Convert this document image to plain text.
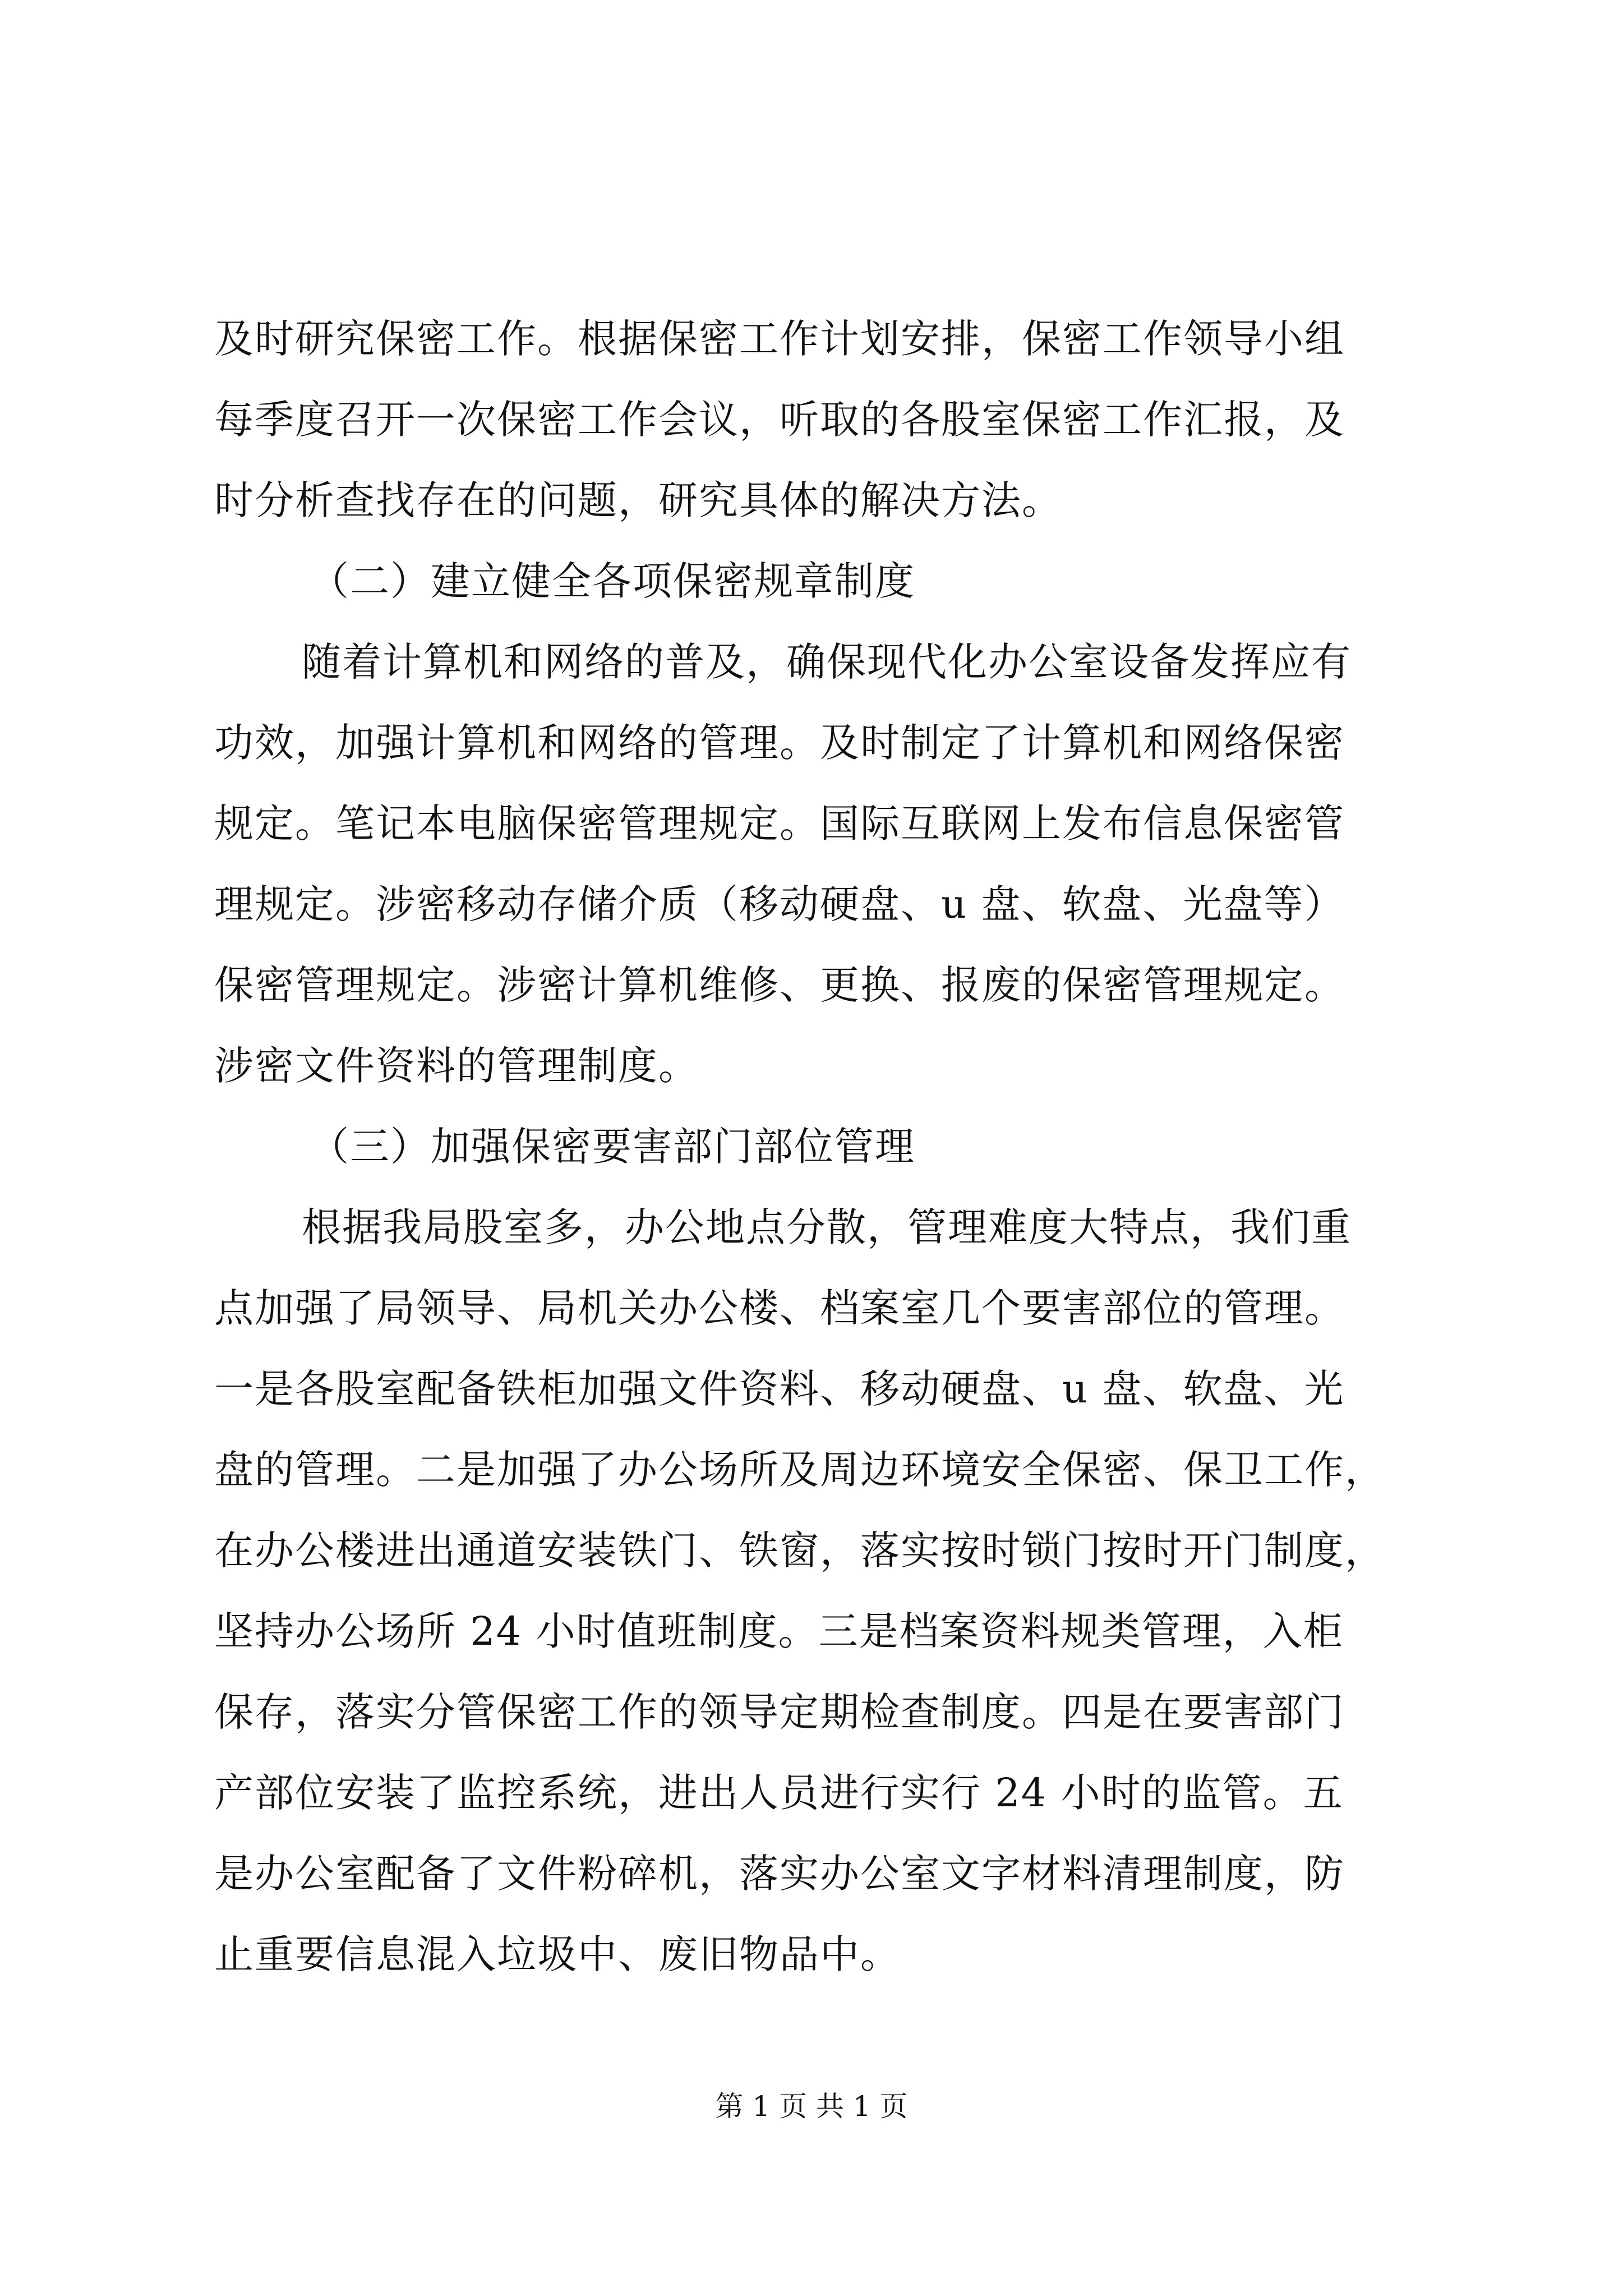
及时研究保密工作。根据保密工作计划安排，保密工作领导小组
每季度召开一次保密工作会议，听取的各股室保密工作汇报，及
时分析查找存在的问题，研究具体的解决方法。
（二）建立健全各项保密规章制度
随着计算机和网络的普及，确保现代化办公室设备发挥应有
功效，加强计算机和网络的管理。及时制定了计算机和网络保密
规定。笔记本电脑保密管理规定。国际互联网上发布信息保密管
理规定。涉密移动存储介质（移动硬盘、u 盘、软盘、光盘等）
保密管理规定。涉密计算机维修、更换、报废的保密管理规定。
涉密文件资料的管理制度。
（三）加强保密要害部门部位管理
根据我局股室多，办公地点分散，管理难度大特点，我们重
点加强了局领导、局机关办公楼、档案室几个要害部位的管理。
一是各股室配备铁柜加强文件资料、移动硬盘、u 盘、软盘、光
盘的管理。二是加强了办公场所及周边环境安全保密、保卫工作，
在办公楼进出通道安装铁门、铁窗，落实按时锁门按时开门制度，
坚持办公场所 24 小时值班制度。三是档案资料规类管理，入柜
保存，落实分管保密工作的领导定期检查制度。四是在要害部门
产部位安装了监控系统，进出人员进行实行 24 小时的监管。五
是办公室配备了文件粉碎机，落实办公室文字材料清理制度，防
止重要信息混入垃圾中、废旧物品中。
第 1 页 共 1 页
